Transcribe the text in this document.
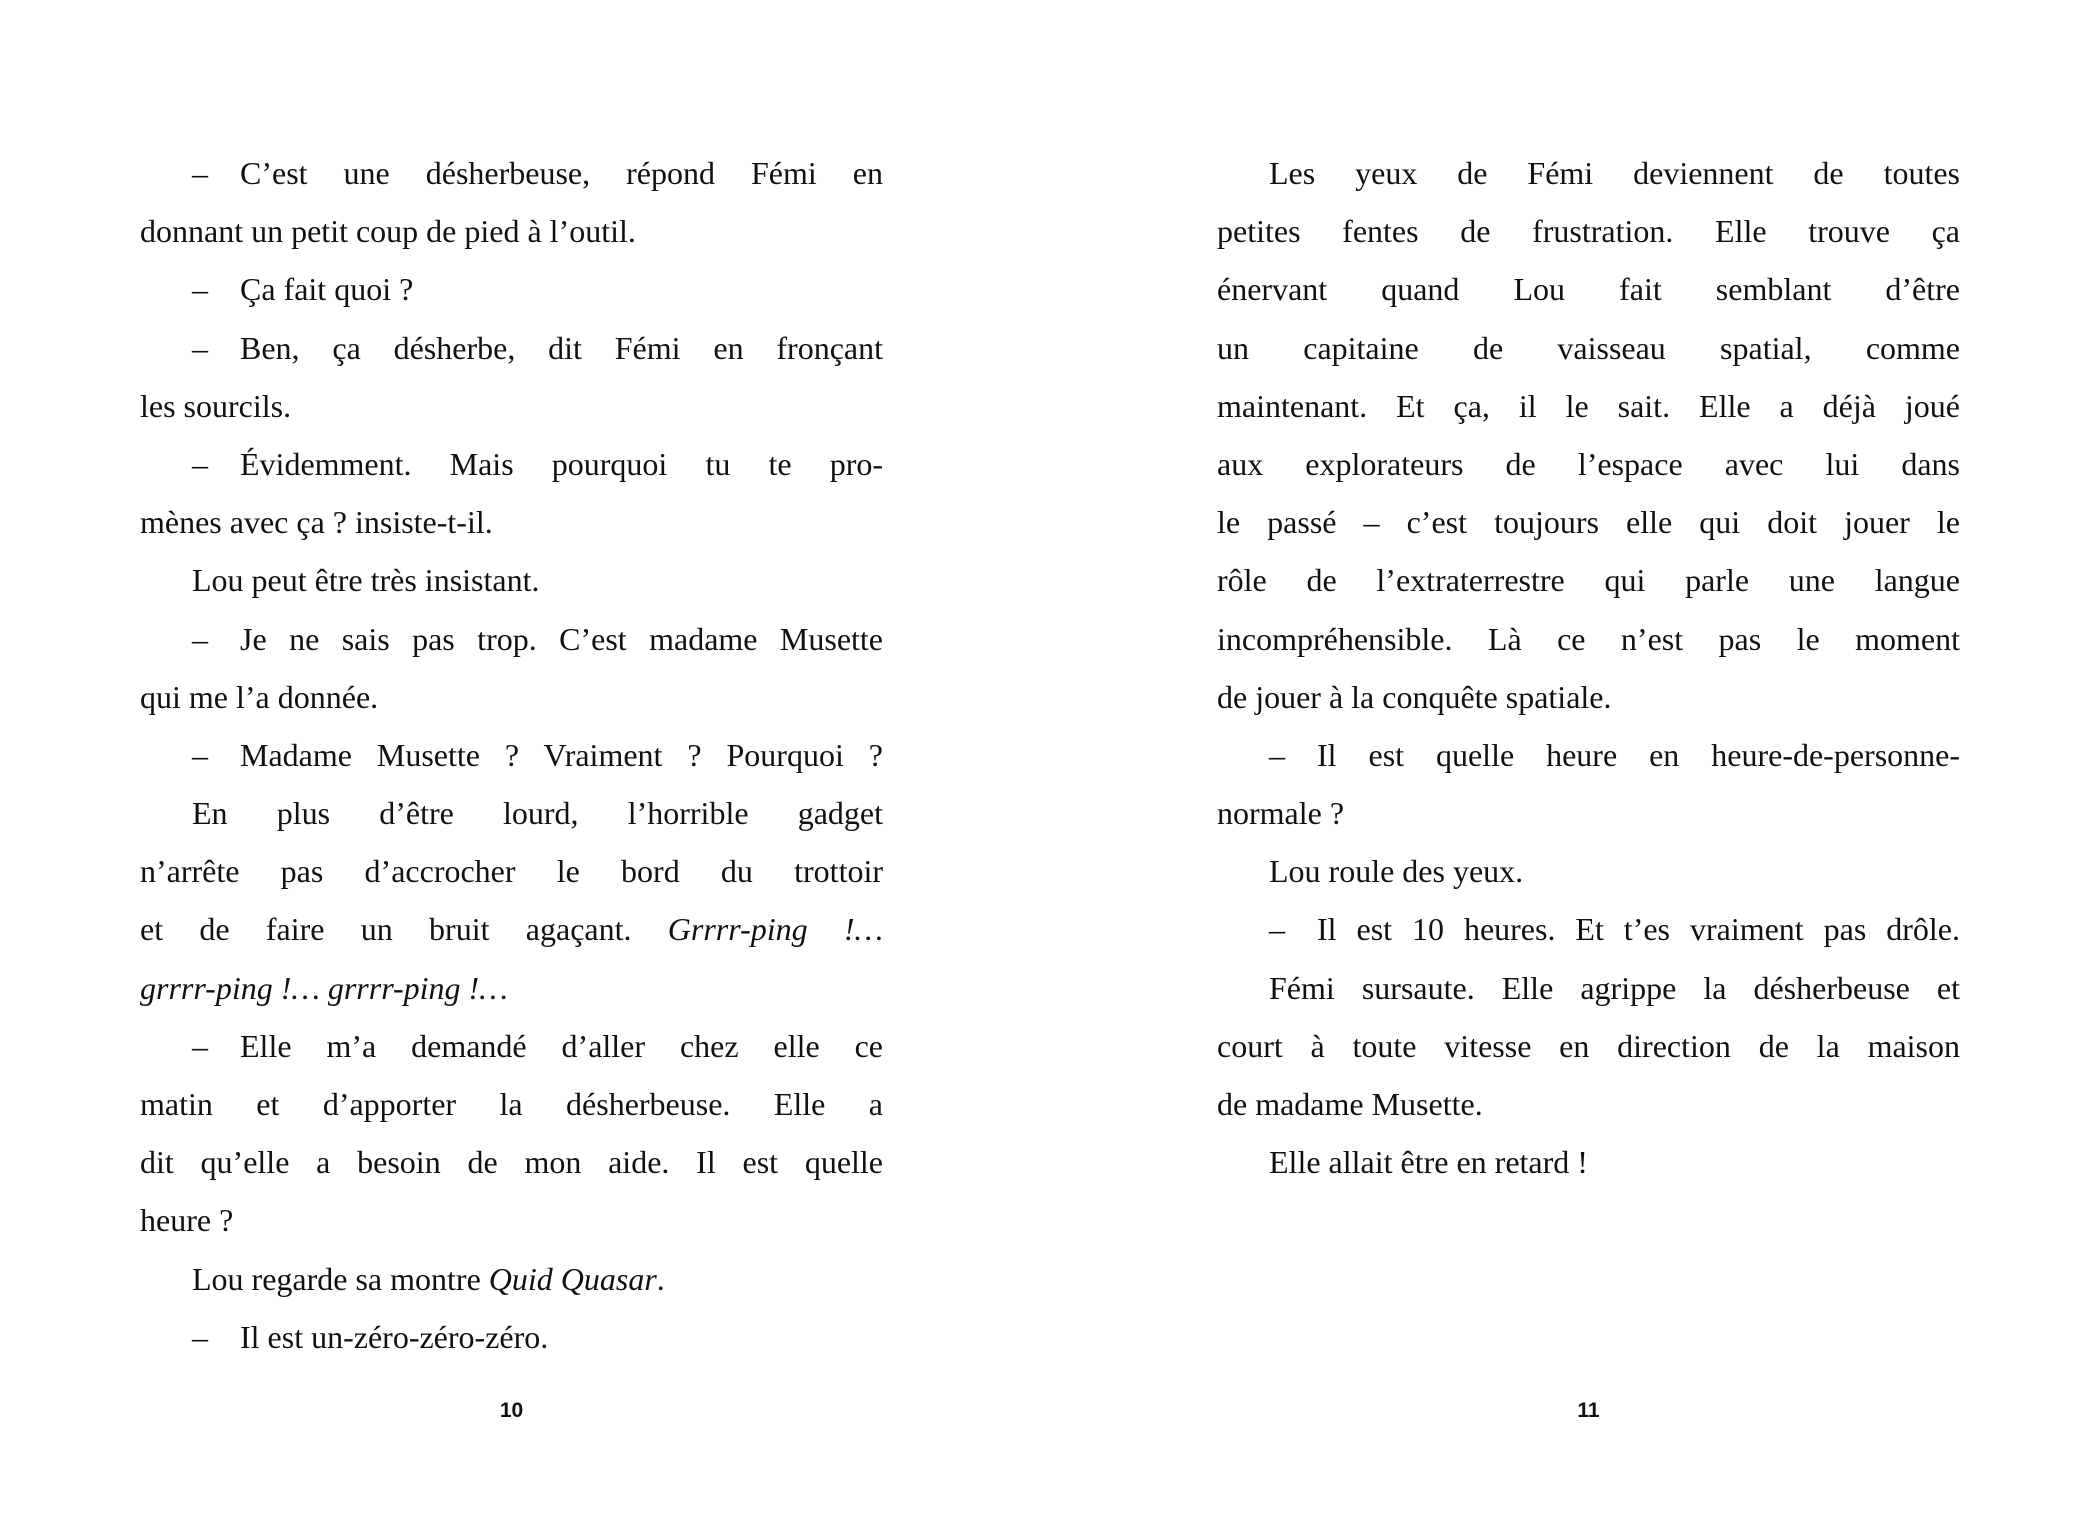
– C’est une désherbeuse, répond Fémi en
donnant un petit coup de pied à l’outil.
– Ça fait quoi ?
– Ben, ça désherbe, dit Fémi en fronçant
les sourcils.
– Évidemment. Mais pourquoi tu te pro-
mènes avec ça ? insiste-t-il.
Lou peut être très insistant.
– Je ne sais pas trop. C’est madame Musette
qui me l’a donnée.
– Madame Musette ? Vraiment ? Pourquoi ?
En plus d’être lourd, l’horrible gadget
n’arrête pas d’accrocher le bord du trottoir
et de faire un bruit agaçant. Grrrr-ping !…
grrrr-ping !… grrrr-ping !…
– Elle m’a demandé d’aller chez elle ce
matin et d’apporter la désherbeuse. Elle a
dit qu’elle a besoin de mon aide. Il est quelle
heure ?
Lou regarde sa montre Quid Quasar.
– Il est un-zéro-zéro-zéro.
10
Les yeux de Fémi deviennent de toutes
petites fentes de frustration. Elle trouve ça
énervant quand Lou fait semblant d’être
un capitaine de vaisseau spatial, comme
maintenant. Et ça, il le sait. Elle a déjà joué
aux explorateurs de l’espace avec lui dans
le passé – c’est toujours elle qui doit jouer le
rôle de l’extraterrestre qui parle une langue
incompréhensible. Là ce n’est pas le moment
de jouer à la conquête spatiale.
– Il est quelle heure en heure-de-personne-
normale ?
Lou roule des yeux.
– Il est 10 heures. Et t’es vraiment pas drôle.
Fémi sursaute. Elle agrippe la désherbeuse et
court à toute vitesse en direction de la maison
de madame Musette.
Elle allait être en retard !
11
